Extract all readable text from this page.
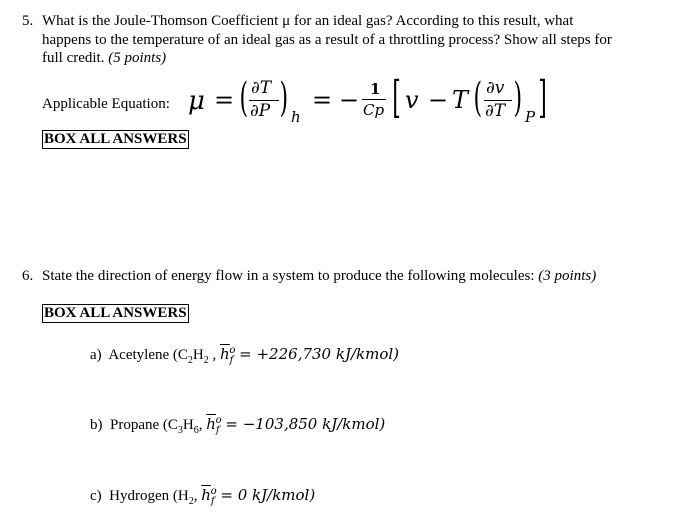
5. What is the Joule-Thomson Coefficient μ for an ideal gas? According to this result, what
happens to the temperature of an ideal gas as a result of a throttling process? Show all steps for
full credit. (5 points)
Applicable Equation: μ = ( ∂T
∂P ) h
= − 1
Cp [ v − T ( ∂v
∂T ) P ]
BOX ALL ANSWERS
6. State the direction of energy flow in a system to produce the following molecules: (3 points)
BOX ALL ANSWERS
a) Acetylene ($C_2H_2$ , $\overline{h}_f^o = +226,730$ kJ/kmol)
b) Propane ($C_3H_6$, $\overline{h}_f^o = -103,850$ kJ/kmol)
c) Hydrogen ($H_2$, $\overline{h}_f^o = 0$ kJ/kmol)
